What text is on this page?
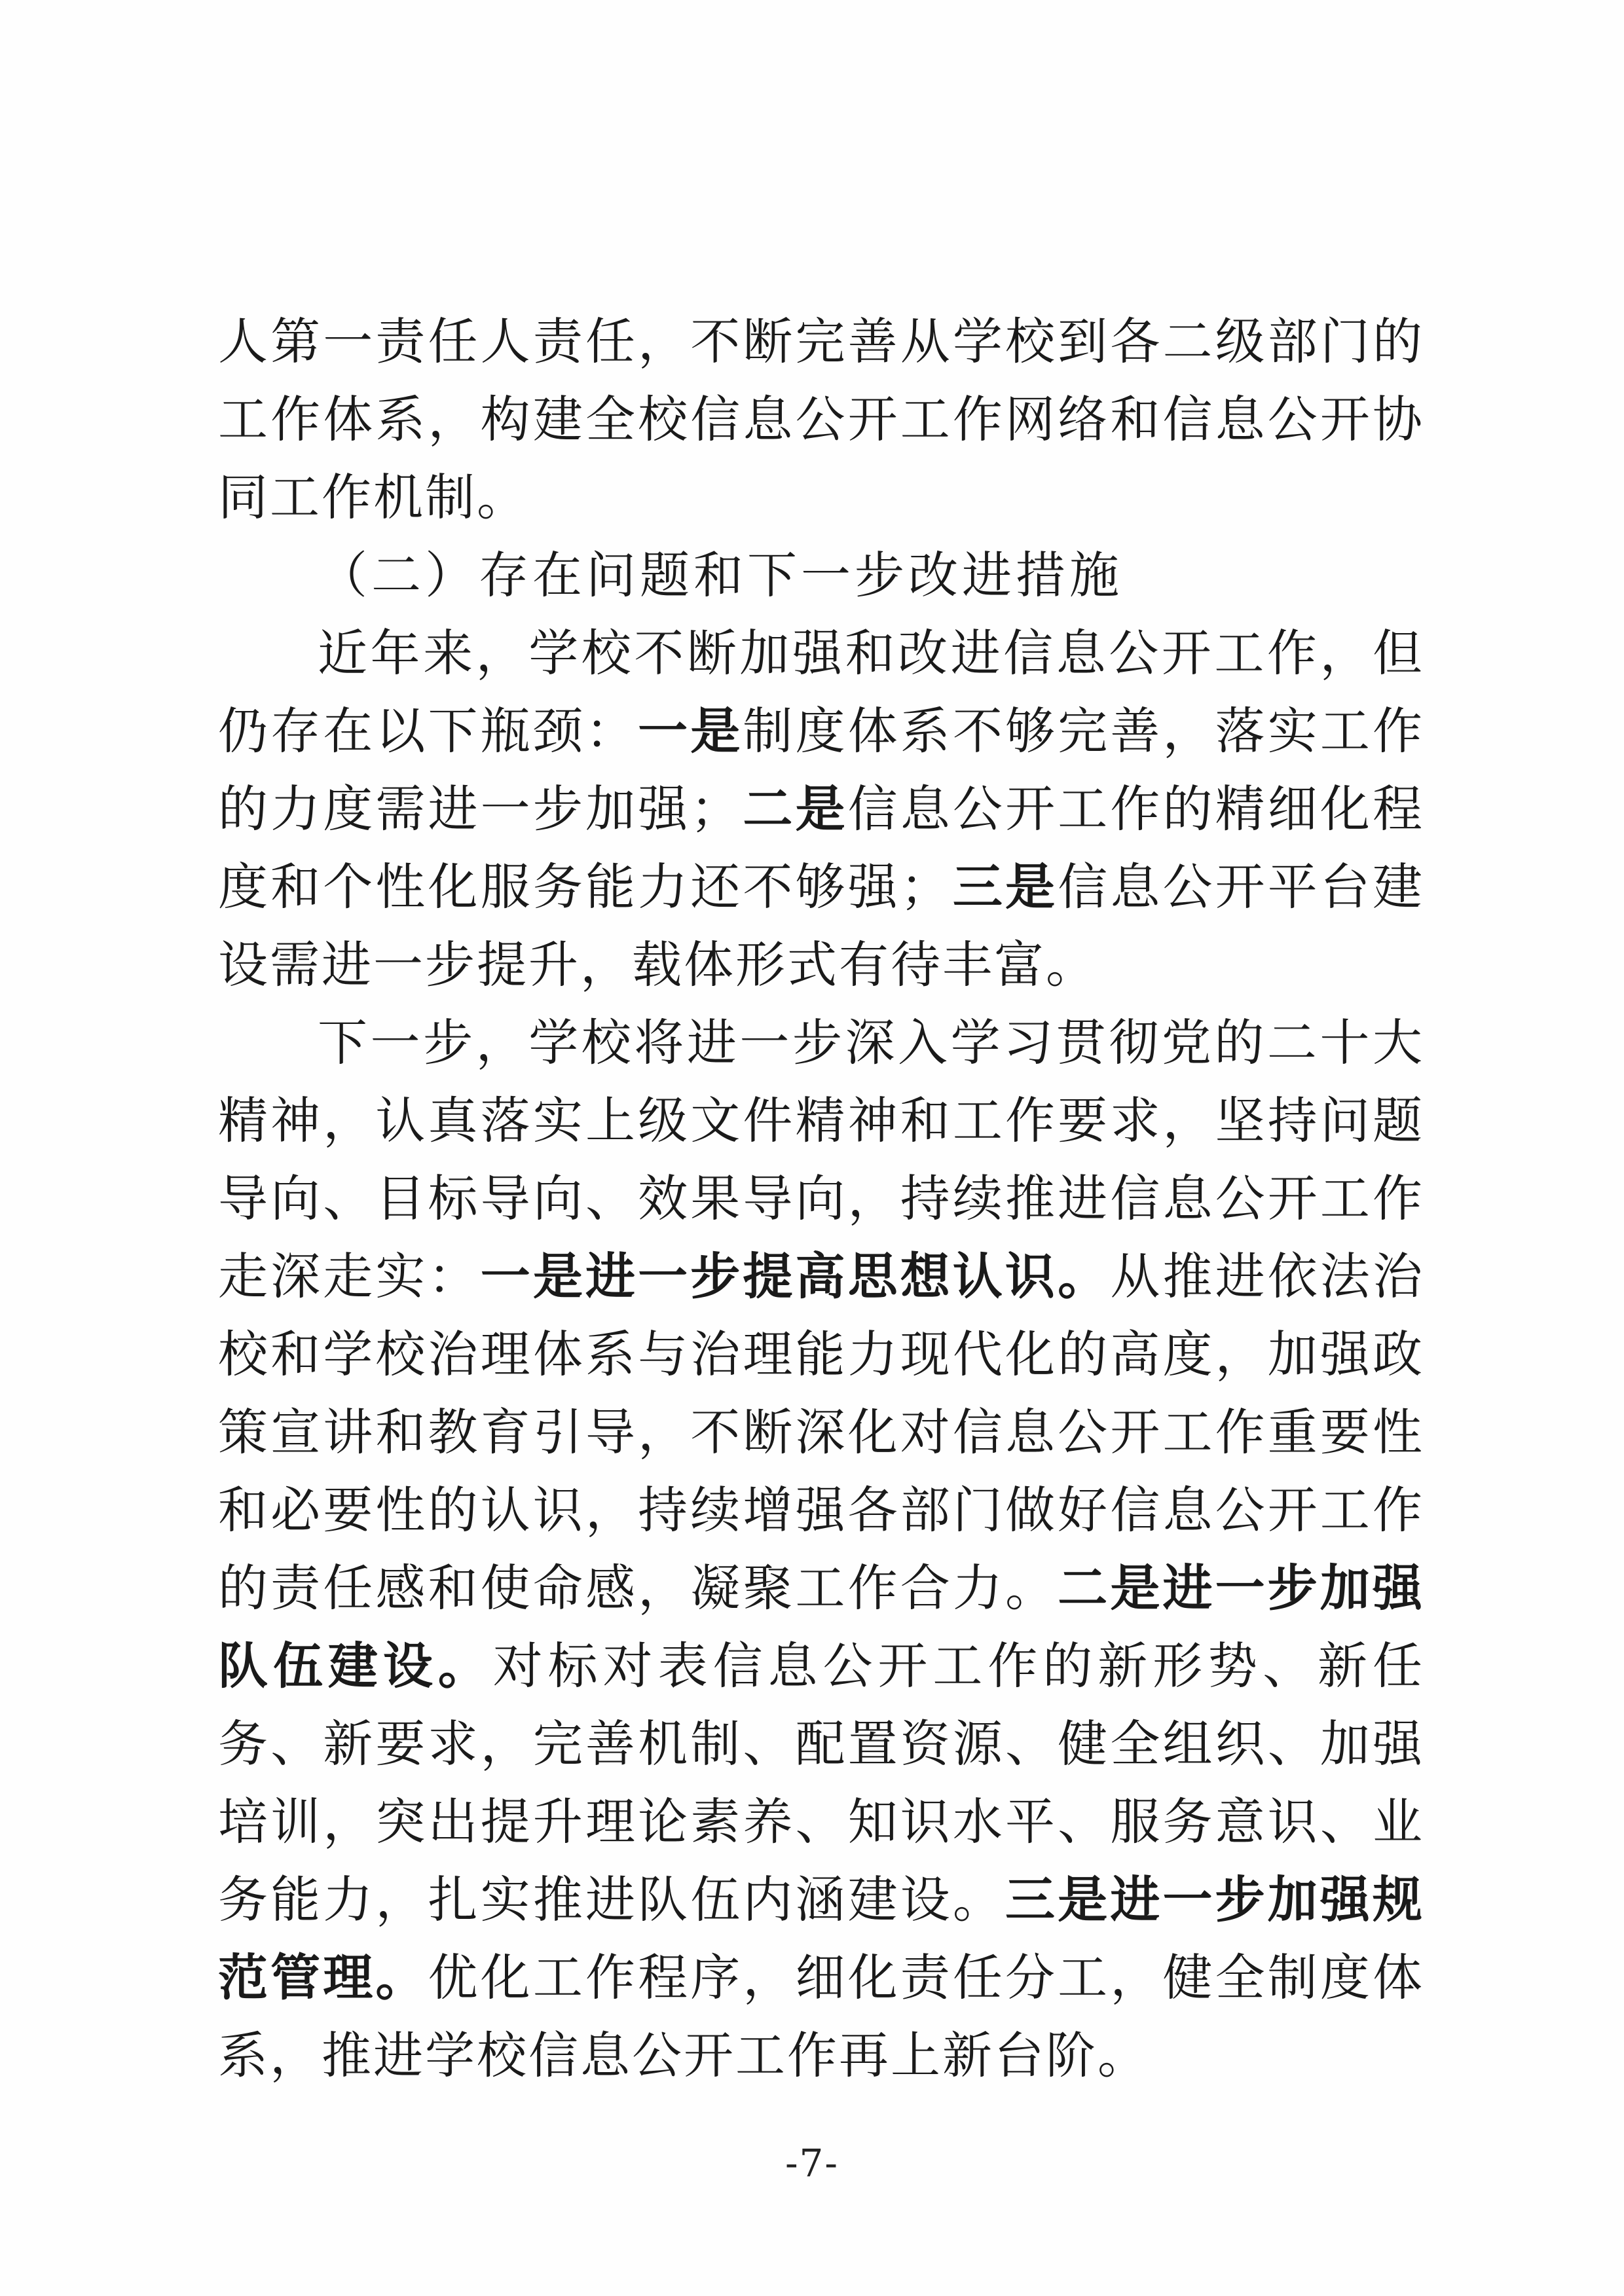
人第一责任人责任，不断完善从学校到各二级部门的工作体系，构建全校信息公开工作网络和信息公开协同工作机制。

（二）存在问题和下一步改进措施

近年来，学校不断加强和改进信息公开工作，但仍存在以下瓶颈：一是制度体系不够完善，落实工作的力度需进一步加强；二是信息公开工作的精细化程度和个性化服务能力还不够强；三是信息公开平台建设需进一步提升，载体形式有待丰富。

下一步，学校将进一步深入学习贯彻党的二十大精神，认真落实上级文件精神和工作要求，坚持问题导向、目标导向、效果导向，持续推进信息公开工作走深走实：一是进一步提高思想认识。从推进依法治校和学校治理体系与治理能力现代化的高度，加强政策宣讲和教育引导，不断深化对信息公开工作重要性和必要性的认识，持续增强各部门做好信息公开工作的责任感和使命感，凝聚工作合力。二是进一步加强队伍建设。对标对表信息公开工作的新形势、新任务、新要求，完善机制、配置资源、健全组织、加强培训，突出提升理论素养、知识水平、服务意识、业务能力，扎实推进队伍内涵建设。三是进一步加强规范管理。优化工作程序，细化责任分工，健全制度体系，推进学校信息公开工作再上新台阶。

-7-
